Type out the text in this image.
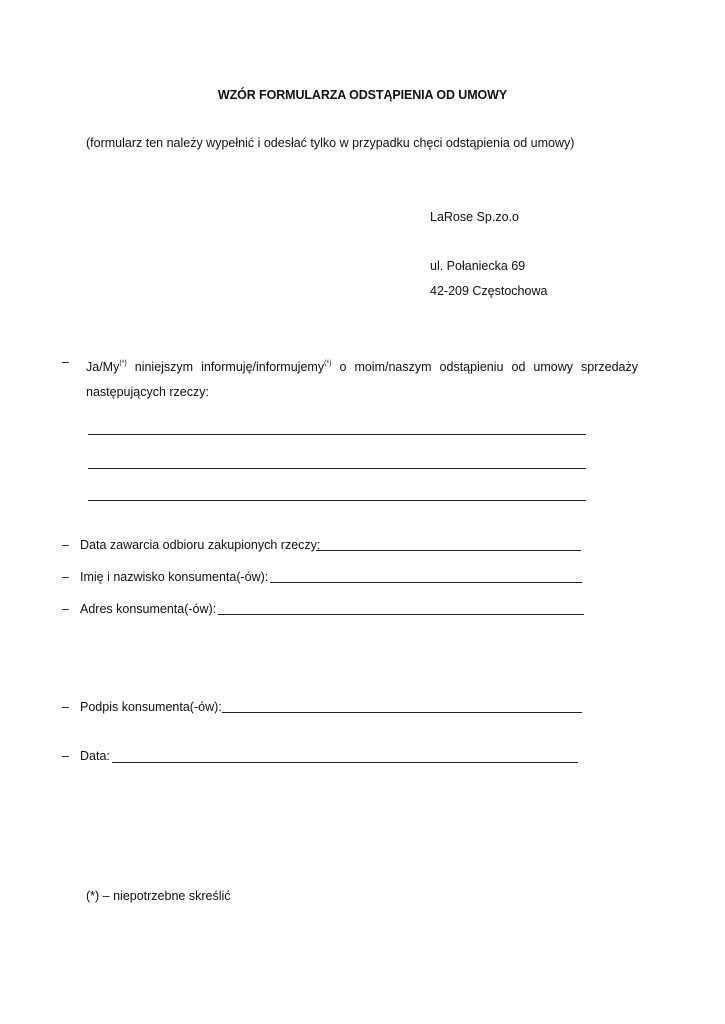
WZÓR FORMULARZA ODSTĄPIENIA OD UMOWY
(formularz ten należy wypełnić i odesłać tylko w przypadku chęci odstąpienia od umowy)
LaRose Sp.zo.o
ul. Połaniecka 69
42-209 Częstochowa
– Ja/My(*) niniejszym informuję/informujemy(*) o moim/naszym odstąpieniu od umowy sprzedaży następujących rzeczy:

– Data zawarcia odbioru zakupionych rzeczy:
– Imię i nazwisko konsumenta(-ów):
– Adres konsumenta(-ów):
– Podpis konsumenta(-ów):
– Data:
(*) – niepotrzebne skreślić
